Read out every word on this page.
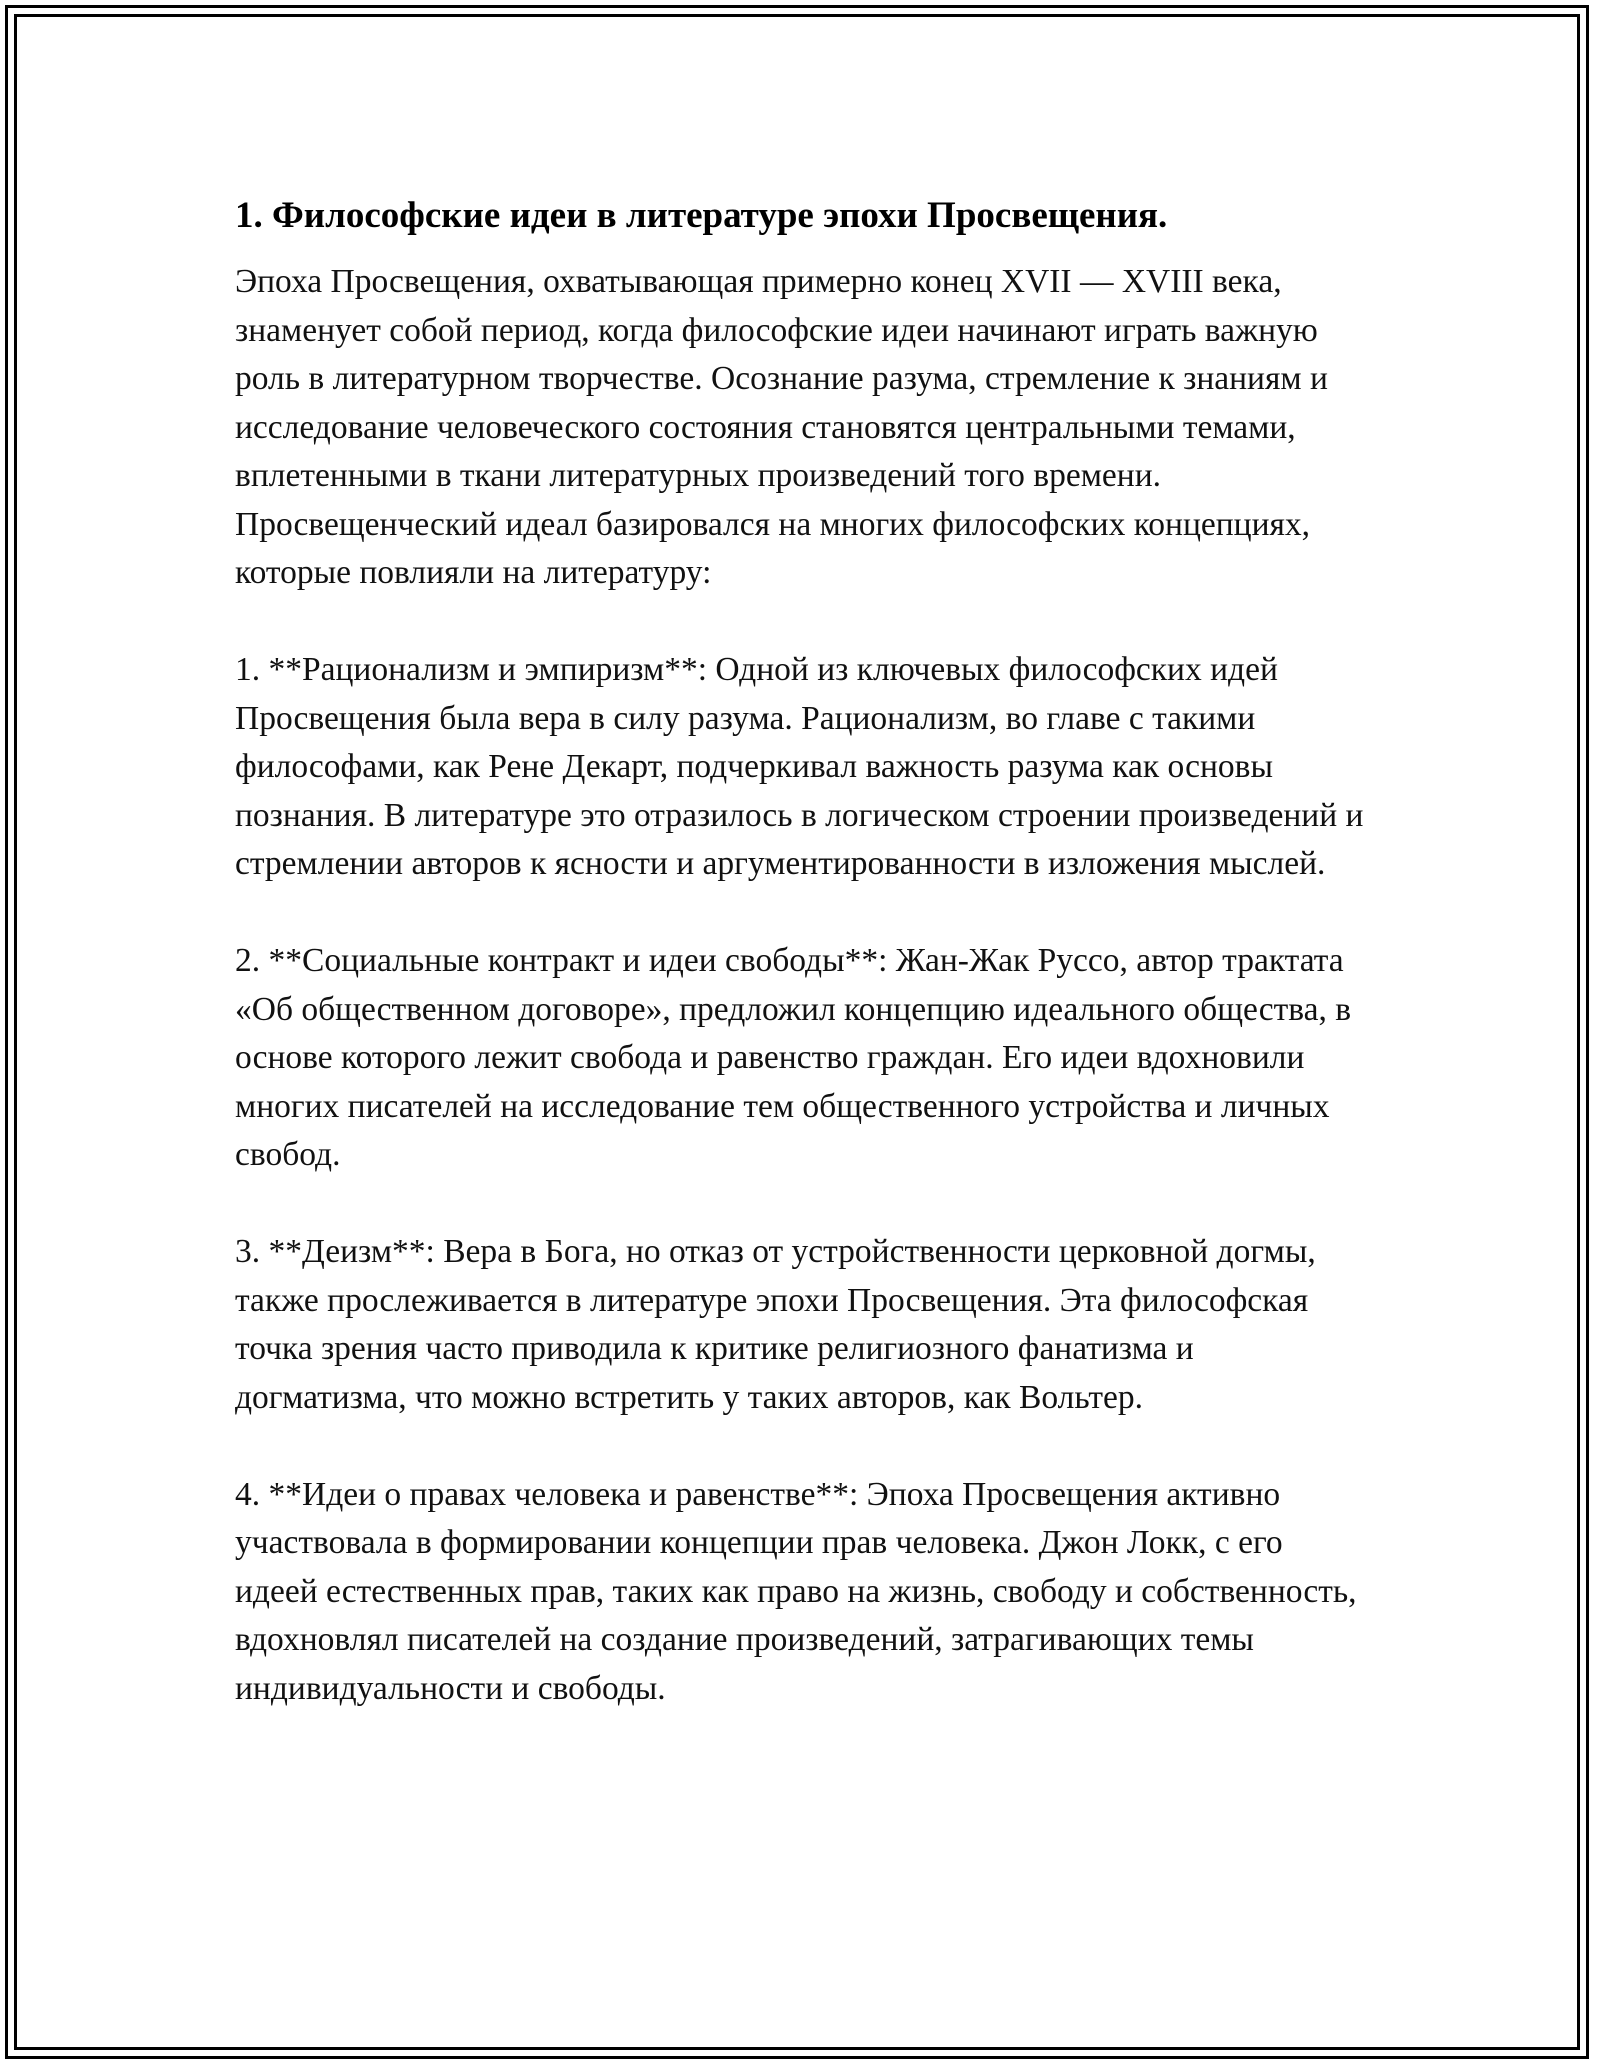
1. Философские идеи в литературе эпохи Просвещения.

Эпоха Просвещения, охватывающая примерно конец XVII — XVIII века, знаменует собой период, когда философские идеи начинают играть важную роль в литературном творчестве. Осознание разума, стремление к знаниям и исследование человеческого состояния становятся центральными темами, вплетенными в ткани литературных произведений того времени. Просвещенческий идеал базировался на многих философских концепциях, которые повлияли на литературу:

1. **Рационализм и эмпиризм**: Одной из ключевых философских идей Просвещения была вера в силу разума. Рационализм, во главе с такими философами, как Рене Декарт, подчеркивал важность разума как основы познания. В литературе это отразилось в логическом строении произведений и стремлении авторов к ясности и аргументированности в изложения мыслей.

2. **Социальные контракт и идеи свободы**: Жан-Жак Руссо, автор трактата «Об общественном договоре», предложил концепцию идеального общества, в основе которого лежит свобода и равенство граждан. Его идеи вдохновили многих писателей на исследование тем общественного устройства и личных свобод.

3. **Деизм**: Вера в Бога, но отказ от устройственности церковной догмы, также прослеживается в литературе эпохи Просвещения. Эта философская точка зрения часто приводила к критике религиозного фанатизма и догматизма, что можно встретить у таких авторов, как Вольтер.

4. **Идеи о правах человека и равенстве**: Эпоха Просвещения активно участвовала в формировании концепции прав человека. Джон Локк, с его идеей естественных прав, таких как право на жизнь, свободу и собственность, вдохновлял писателей на создание произведений, затрагивающих темы индивидуальности и свободы.
